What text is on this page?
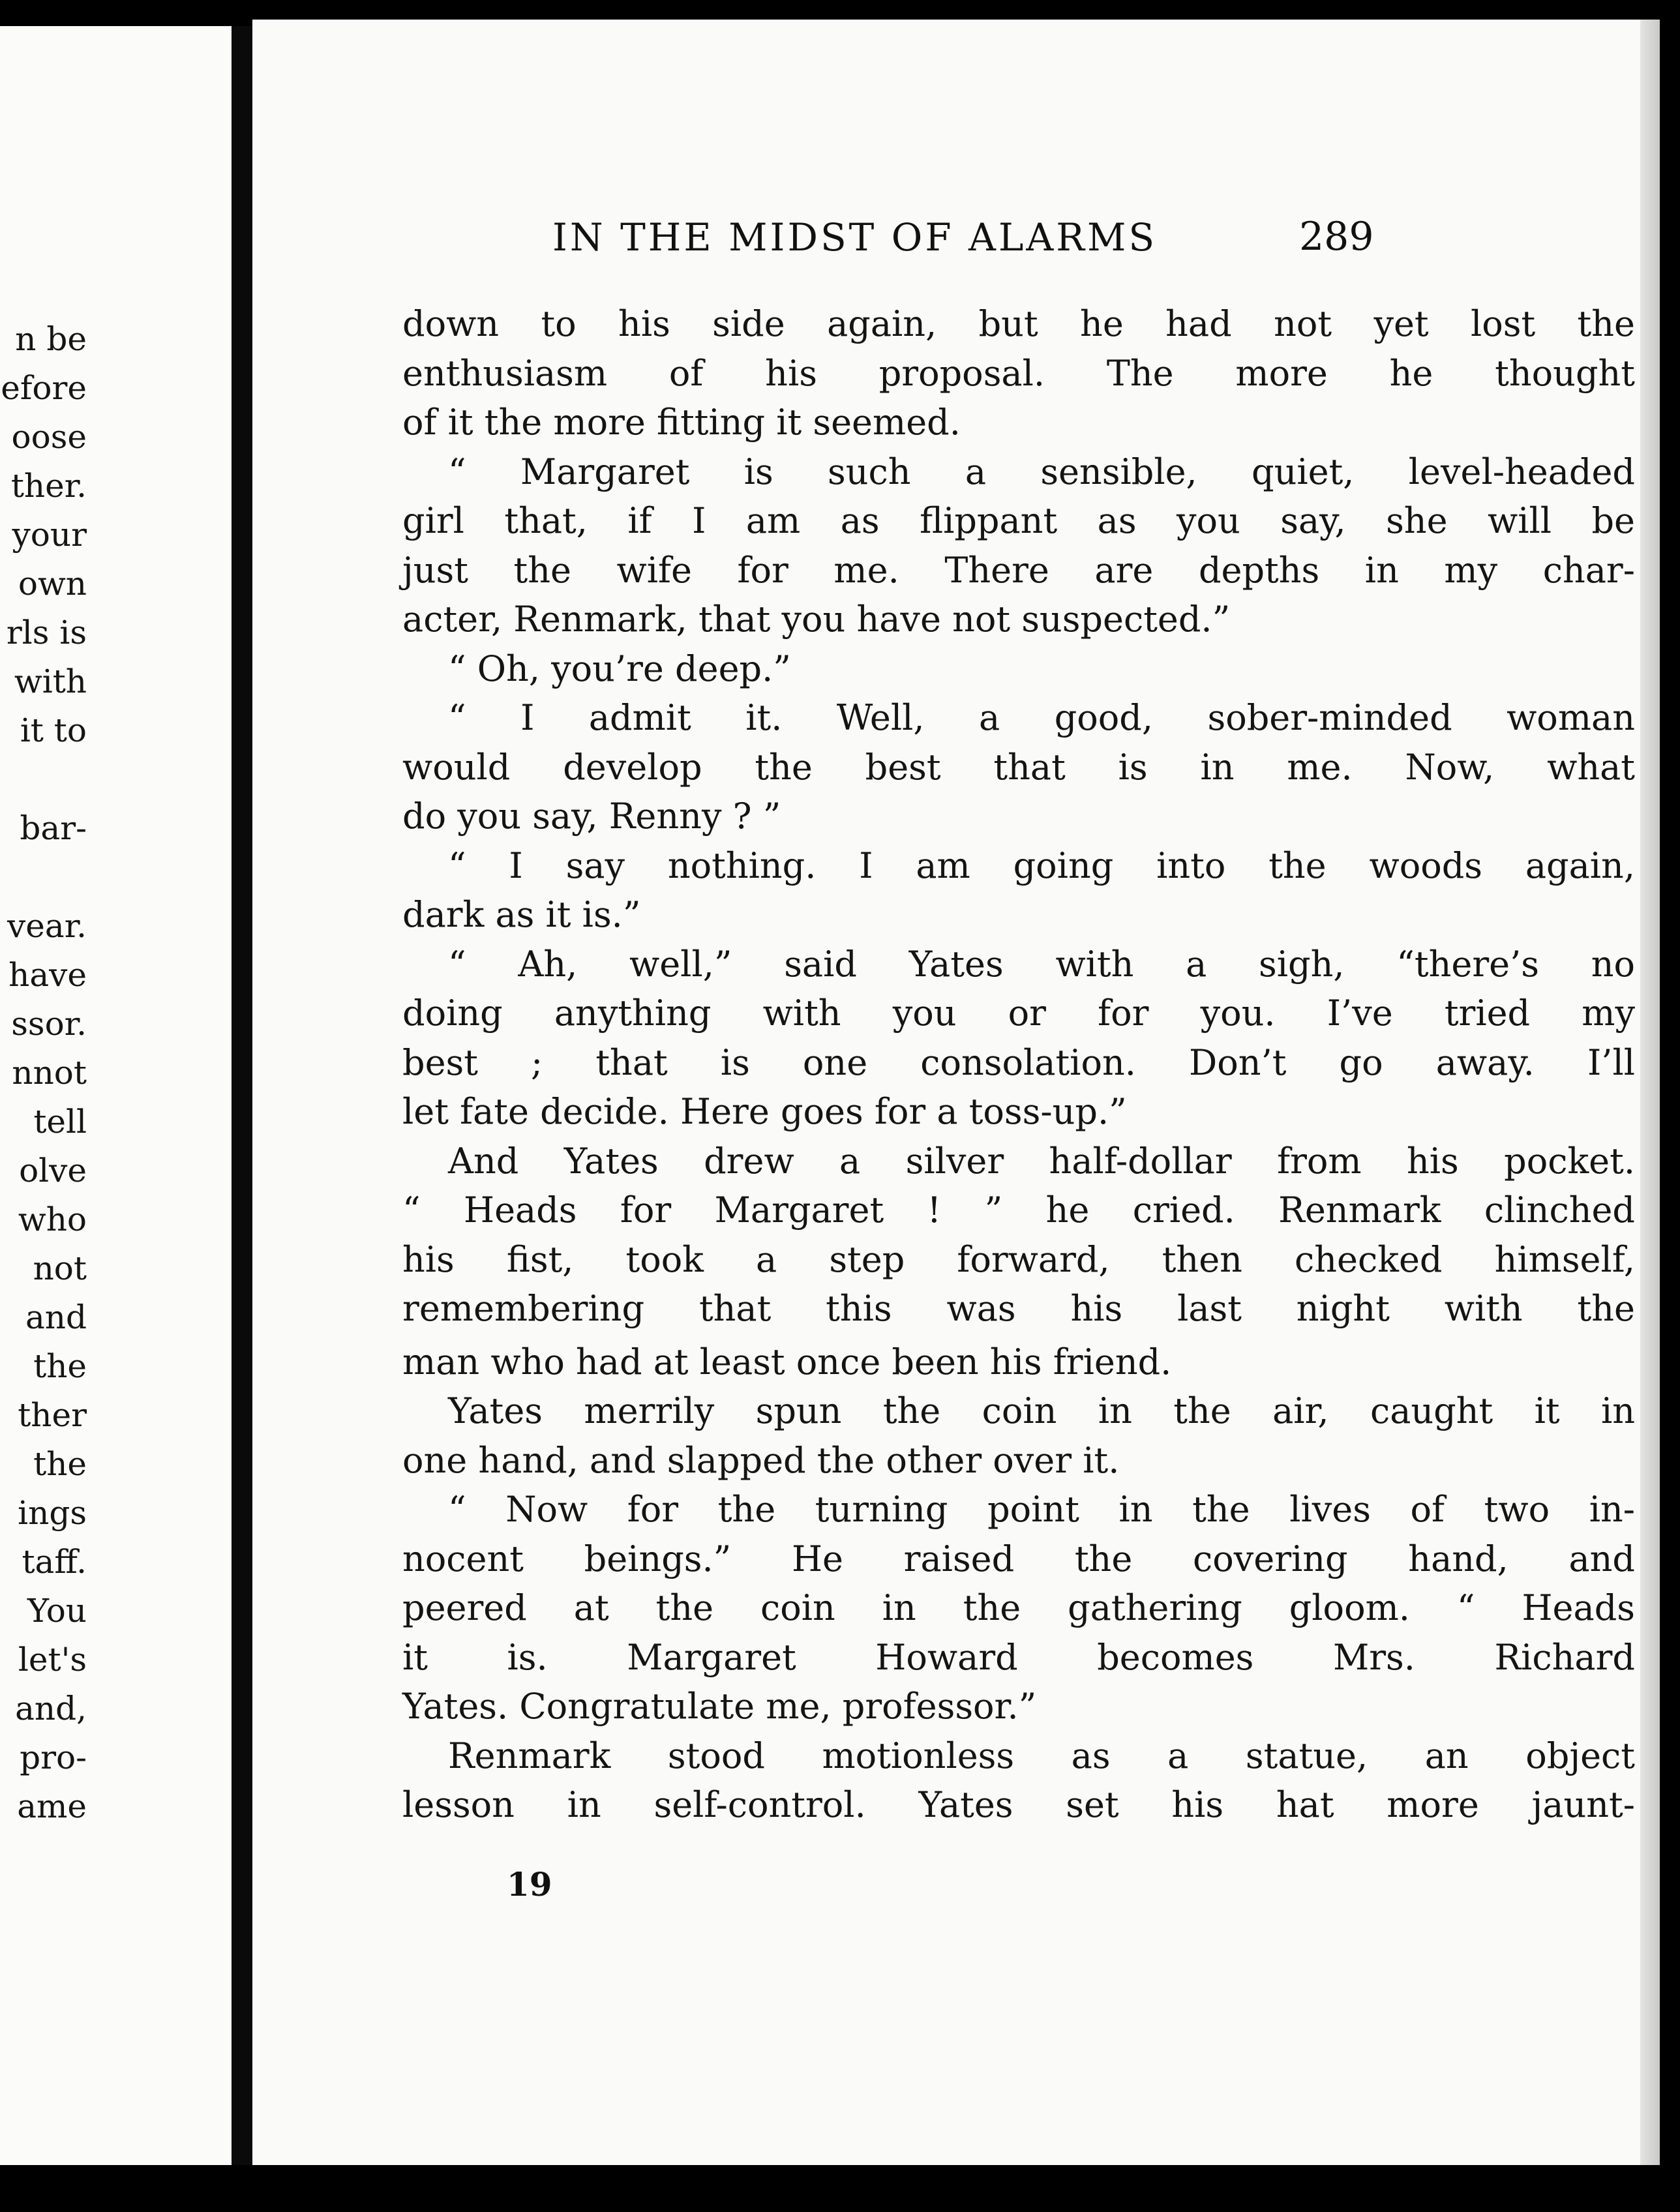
n be
efore
oose
ther.
your
own
rls is
with
it to
bar-
vear.
have
ssor.
nnot
tell
olve
who
not
and
the
ther
the
ings
taff.
You
let's
and,
pro-
ame
IN THE MIDST OF ALARMS	289
down to his side again, but he had not yet lost the
enthusiasm of his proposal. The more he thought
of it the more fitting it seemed.
“ Margaret is such a sensible, quiet, level-headed
girl that, if I am as flippant as you say, she will be
just the wife for me. There are depths in my char-
acter, Renmark, that you have not suspected.”
“ Oh, you’re deep.”
“ I admit it. Well, a good, sober-minded woman
would develop the best that is in me. Now, what
do you say, Renny ? ”
“ I say nothing. I am going into the woods again,
dark as it is.”
“ Ah, well,” said Yates with a sigh, “there’s no
doing anything with you or for you. I’ve tried my
best ; that is one consolation. Don’t go away. I’ll
let fate decide. Here goes for a toss-up.”
And Yates drew a silver half-dollar from his pocket.
“ Heads for Margaret ! ” he cried. Renmark clinched
his fist, took a step forward, then checked himself,
remembering that this was his last night with the
man who had at least once been his friend.
Yates merrily spun the coin in the air, caught it in
one hand, and slapped the other over it.
“ Now for the turning point in the lives of two in-
nocent beings.” He raised the covering hand, and
peered at the coin in the gathering gloom. “ Heads
it is. Margaret Howard becomes Mrs. Richard
Yates. Congratulate me, professor.”
Renmark stood motionless as a statue, an object
lesson in self-control. Yates set his hat more jaunt-
19
